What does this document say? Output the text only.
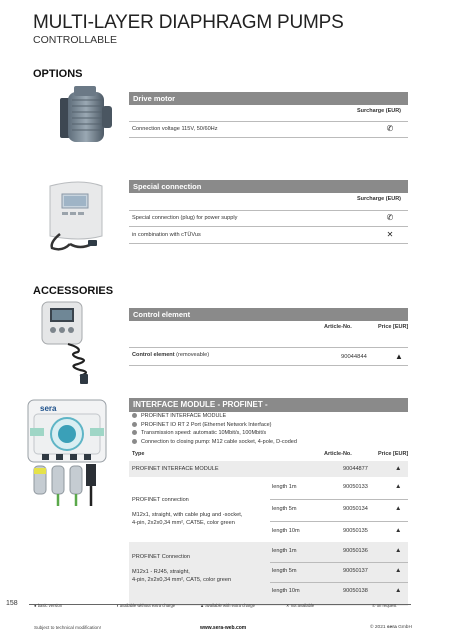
MULTI-LAYER DIAPHRAGM PUMPS
CONTROLLABLE
OPTIONS
Drive motor
Surcharge (EUR)
Connection voltage 115V, 50/60Hz	✆
Special connection
Surcharge (EUR)
Special connection (plug) for power supply	✆
in combination with cTÜVus	✕
ACCESSORIES
Control element
Article-No.	Price [EUR]
Control element (removeable)	90044844	▲
sera	INTERFACE MODULE - PROFINET -
PROFINET INTERFACE MODULE
PROFINET IO RT 2 Port (Ethernet Network Interface)
Transmission speed: automatic 10Mbit/s, 100Mbit/s
Connection to closing pump: M12 cable socket, 4-pole, D-coded
Type	Article-No.	Price [EUR]
PROFINET INTERFACE MODULE	90044877	▲
PROFINET connection
M12x1, straight, with cable plug and -socket,
4-pin, 2x2x0,34 mm², CAT5E, color green
length 1m	90050133	▲
length 5m	90050134	▲
length 10m	90050135	▲
PROFINET Connection
M12x1 - RJ45, straight,
4-pin, 2x2x0,34 mm², CAT5, color green
length 1m	90050136	▲
length 5m	90050137	▲
length 10m	90050138	▲
158	● basic version	◑ available without extra charge	▲ available with extra charge	✕ not available	✆ on request
Subject to technical modification!	www.sera-web.com	© 2021 sera GmbH
